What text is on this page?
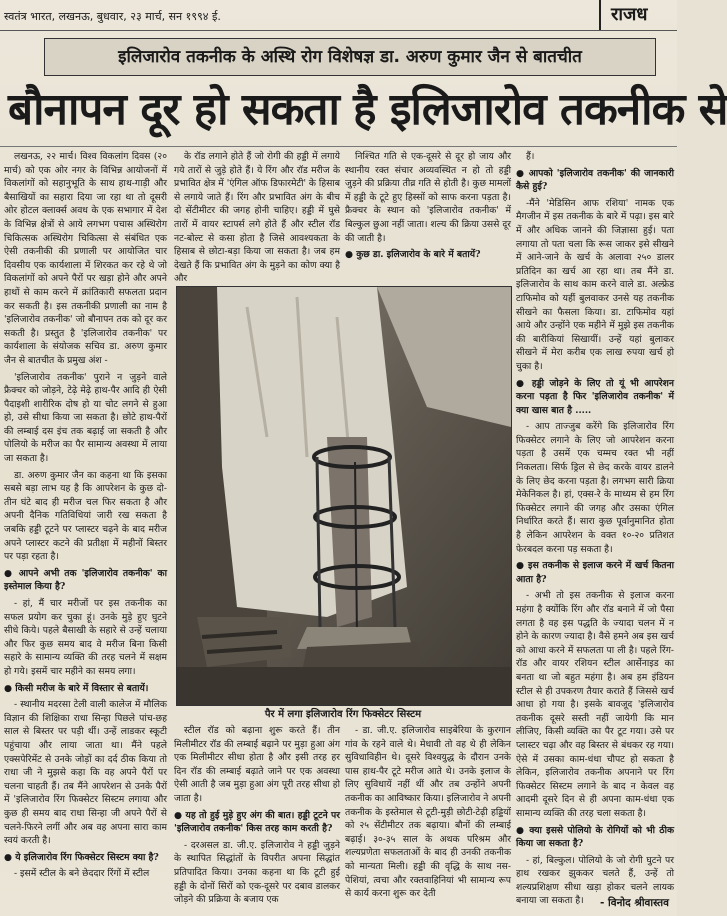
स्वतंत्र भारत, लखनऊ, बुधवार, २३ मार्च, सन १९९४ ई.	राजध
इलिजारोव तकनीक के अस्थि रोग विशेषज्ञ डा. अरुण कुमार जैन से बातचीत
बौनापन दूर हो सकता है इलिजारोव तकनीक से

लखनऊ, २२ मार्च। विश्व विकलांग दिवस (२० मार्च) को एक ओर नगर के विभिन्न आयोजनों में विकलांगों को सहानुभूति के साथ हाथ-गाड़ी और बैसाखियों का सहारा दिया जा रहा था तो दूसरी ओर होटल क्लार्क्स अवध के एक सभागार में देश के विभिन्न क्षेत्रों से आये लगभग पचास अस्थिरोग चिकित्सक अस्थिरोग चिकित्सा से संबंधित एक ऐसी तकनीकी की प्रणाली पर आयोजित चार दिवसीय एक कार्यशाला में शिरकत कर रहे थे जो विकलांगों को अपने पैरों पर खड़ा होने और अपने हाथों से काम करने में क्रांतिकारी सफलता प्रदान कर सकती है। इस तकनीकी प्रणाली का नाम है 'इलिजारोव तकनीक' जो बौनापन तक को दूर कर सकती है। प्रस्तुत है 'इलिजारोव तकनीक' पर कार्यशाला के संयोजक सचिव डा. अरुण कुमार जैन से बातचीत के प्रमुख अंश -

'इलिजारोव तकनीक' पुराने न जुड़ने वाले फ्रैक्चर को जोड़ने, टेढ़े मेढ़े हाथ-पैर आदि ही ऐसी पैदाइशी शारीरिक दोष हो या चोट लगने से हुआ हो, उसे सीधा किया जा सकता है। छोटे हाथ-पैरों की लम्बाई दस इंच तक बढ़ाई जा सकती है और पोलियो के मरीज का पैर सामान्य अवस्था में लाया जा सकता है।

डा. अरुण कुमार जैन का कहना था कि इसका सबसे बड़ा लाभ यह है कि आपरेशन के कुछ दो-तीन घंटे बाद ही मरीज चल फिर सकता है और अपनी दैनिक गतिविधियां जारी रख सकता है जबकि हड्डी टूटने पर प्लास्टर चढ़ने के बाद मरीज अपने प्लास्टर कटने की प्रतीक्षा में महीनों बिस्तर पर पड़ा रहता है।

● आपने अभी तक 'इलिजारोव तकनीक' का इस्तेमाल किया है?

- हां, मैं चार मरीजों पर इस तकनीक का सफल प्रयोग कर चुका हूं। उनके मुड़े हुए घुटने सीधे किये। पहले बैसाखी के सहारे से उन्हें चलाया और फिर कुछ समय बाद वे मरीज बिना किसी सहारे के सामान्य व्यक्ति की तरह चलने में सक्षम हो गये। इसमें चार महीने का समय लगा।

● किसी मरीज के बारे में विस्तार से बतायें।

- स्थानीय मदरसा टेली वाली कालेज में मौलिक विज्ञान की शिक्षिका राधा सिन्हा पिछले पांच-छह साल से बिस्तर पर पड़ी थीं। उन्हें लाडकर स्कूटी पहुंचाया और लाया जाता था। मैंने पहले एक्सपेरिमेंट से उनके जोड़ों का दर्द ठीक किया तो राधा जी ने मुझसे कहा कि वह अपने पैरों पर चलना चाहती हैं। तब मैंने आपरेशन से उनके पैरों में 'इलिजारोव रिंग फिक्सेटर सिस्टम लगाया और कुछ ही समय बाद राधा सिन्हा जी अपने पैरों से चलने-फिरने लगीं और अब वह अपना सारा काम स्वयं करती है।

● ये इलिजारोव रिंग फिक्सेटर सिस्टम क्या है?

- इसमें स्टील के बने छेददार रिंगों में स्टील

के रॉड लगाने होते हैं जो रोगी की हड्डी में लगाये गये तारों से जुड़े होते हैं। ये रिंग और रॉड मरीज के प्रभावित क्षेत्र में 'एंगिल ऑफ डिफारमेटी' के हिसाब से लगाये जाते हैं। रिंग और प्रभावित अंग के बीच दो सेंटीमीटर की जगह होनी चाहिए। हड्डी में घुसे तारों में वायर स्टापर्स लगे होते हैं और स्टील रॉड नट-बोल्ट से कसा होता है जिसे आवश्यकता के हिसाब से छोटा-बड़ा किया जा सकता है। जब हम देखते हैं कि प्रभावित अंग के मुड़ने का कोण क्या है और

निश्चित गति से एक-दूसरे से दूर हो जाय और स्थानीय रक्त संचार अव्यवस्थित न हो तो हड्डी जुड़ने की प्रक्रिया तीव्र गति से होती है। कुछ मामलों में हड्डी के टूटे हुए हिस्सों को साफ करना पड़ता है। फ्रैक्चर के स्थान को 'इलिजारोव तकनीक' में बिल्कुल छुआ नहीं जाता। शल्य की क्रिया उससे दूर की जाती है।

● कुछ डा. इलिजारोव के बारे में बतायें?

हैं।

● आपको 'इलिजारोव तकनीक' की जानकारी कैसे हुई?

-मैंने 'मेडिसिन आफ रशिया' नामक एक मैगजीन में इस तकनीक के बारे में पढ़ा। इस बारे में और अधिक जानने की जिज्ञासा हुई। पता लगाया तो पता चला कि रूस जाकर इसे सीखने में आने-जाने के खर्च के अलावा २५० डालर प्रतिदिन का खर्च आ रहा था। तब मैंने डा. इलिजारोव के साथ काम करने वाले डा. अल्फ्रेड टाफिमोव को यहीं बुलवाकर उनसे यह तकनीक सीखने का फैसला किया। डा. टाफिमोव यहां आये और उन्होंने एक महीने में मुझे इस तकनीक की बारीकियां सिखायीं। उन्हें यहां बुलाकर सीखने में मेरा करीब एक लाख रुपया खर्च हो चुका है।

● हड्डी जोड़ने के लिए तो यूं भी आपरेशन करना पड़ता है फिर 'इलिजारोव तकनीक' में क्या खास बात है .....

- आप ताज्जुब करेंगे कि इलिजारोव रिंग फिक्सेटर लगाने के लिए जो आपरेशन करना पड़ता है उसमें एक चम्मच रक्त भी नहीं निकलता। सिर्फ ड्रिल से छेद करके वायर डालने के लिए छेद करना पड़ता है। लगभग सारी क्रिया मेकेनिकल है। हां, एक्स-रे के माध्यम से हम रिंग फिक्सेटर लगाने की जगह और उसका एंगिल निर्धारित करते हैं। सारा कुछ पूर्वानुमानित होता है लेकिन आपरेशन के वक्त १०-२० प्रतिशत फेरबदल करना पड़ सकता है।

● इस तकनीक से इलाज करने में खर्च कितना आता है?

- अभी तो इस तकनीक से इलाज करना महंगा है क्योंकि रिंग और रॉड बनाने में जो पैसा लगता है वह इस पद्धति के ज्यादा चलन में न होने के कारण ज्यादा है। वैसे हमने अब इस खर्च को आधा करने में सफलता पा ली है। पहले रिंग-रॉड और वायर रशियन स्टील आर्सेनाइड का बनता था जो बहुत महंगा है। अब हम इंडियन स्टील से ही उपकरण तैयार कराते हैं जिससे खर्च आधा हो गया है। इसके बावजूद 'इलिजारोव तकनीक दूसरे सस्ती नहीं जायेगी कि मान लीजिए, किसी व्यक्ति का पैर टूट गया। उसे पर प्लास्टर चढ़ा और वह बिस्तर से बंधकर रह गया। ऐसे में उसका काम-धंधा चौपट हो सकता है लेकिन, इलिजारोव तकनीक अपनाने पर रिंग फिक्सेटर सिस्टम लगाने के बाद न केवल वह आदमी दूसरे दिन से ही अपना काम-धंधा एक सामान्य व्यक्ति की तरह चला सकता है।

● क्या इससे पोलियो के रोगियों को भी ठीक किया जा सकता है?

- हां, बिल्कुल। पोलियो के जो रोगी घुटने पर हाथ रखकर झुककर चलते हैं, उन्हें तो शल्यप्रशिक्षण सीधा खड़ा होकर चलने लायक बनाया जा सकता है।

पैर में लगा इलिजारोव रिंग फिक्सेटर सिस्टम

स्टील रॉड को बढ़ाना शुरू करते हैं। तीन मिलीमीटर रॉड की लम्बाई बढ़ाने पर मुड़ा हुआ अंग एक मिलीमीटर सीधा होता है और इसी तरह हर दिन रॉड की लम्बाई बढ़ाते जाने पर एक अवस्था ऐसी आती है जब मुड़ा हुआ अंग पूरी तरह सीधा हो जाता है।

● यह तो हुई मुड़े हुए अंग की बात। हड्डी टूटने पर 'इलिजारोव तकनीक' किस तरह काम करती है?

- दरअसल डा. जी.ए. इलिजारोव ने हड्डी जुड़ने के स्थापित सिद्धांतों के विपरीत अपना सिद्धांत प्रतिपादित किया। उनका कहना था कि टूटी हुई हड्डी के दोनों सिरों को एक-दूसरे पर दबाव डालकर जोड़ने की प्रक्रिया के बजाय एक

- डा. जी.ए. इलिजारोव साइबेरिया के कुरगान गांव के रहने वाले थे। मेधावी तो वह थे ही लेकिन सुविधाविहीन थे। दूसरे विश्वयुद्ध के दौरान उनके पास हाथ-पैर टूटे मरीज आते थे। उनके इलाज के लिए सुविधायें नहीं थीं और तब उन्होंने अपनी तकनीक का आविष्कार किया। इलिजारोव ने अपनी तकनीक के इस्तेमाल से टूटी-मुड़ी छोटी-टेढ़ी हड्डियों को २५ सेंटीमीटर तक बढ़ाया। बौनों की लम्बाई बढ़ाई। ३०-३५ साल के अथक परिश्रम और शल्यप्रणेता सफलताओं के बाद ही उनकी तकनीक को मान्यता मिली। हड्डी की वृद्धि के साथ नस-पेशियां, त्वचा और रक्तवाहिनियां भी सामान्य रूप से कार्य करना शुरू कर देती

- विनोद श्रीवास्तव
